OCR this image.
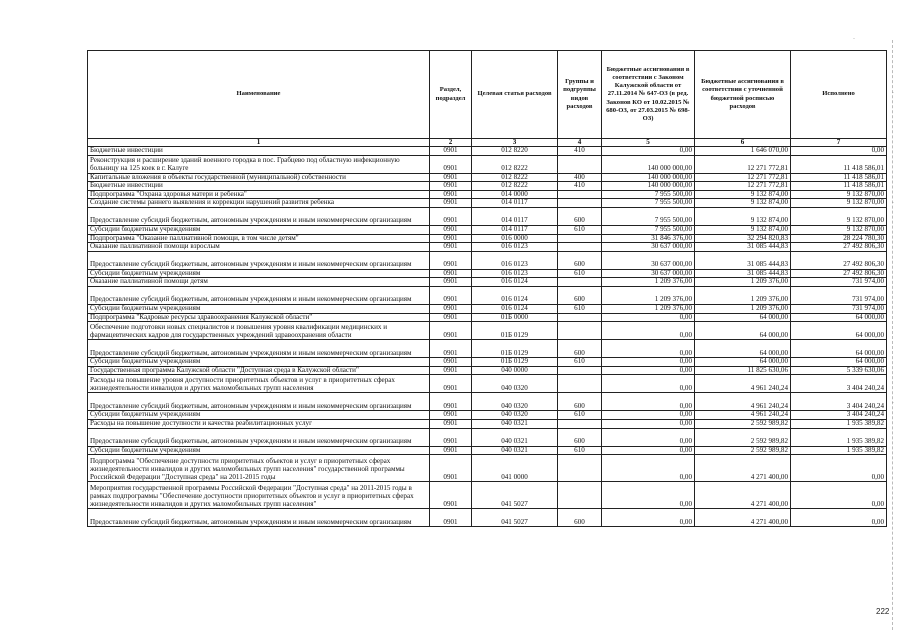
Наименование	Раздел, подраздел	Целевая статья расходов	Группы и подгруппы видов расходов	Бюджетные ассигнования в соответствии с Законом Калужской области от 27.11.2014 № 647-ОЗ (в ред. Законов КО от 10.02.2015 № 680-ОЗ, от 27.03.2015 № 698-ОЗ)	Бюджетные ассигнования в соответствии с уточненной бюджетной росписью расходов	Исполнено
1	2	3	4	5	6	7
Бюджетные инвестиции	0901	012 8220	410	0,00	1 646 070,00	0,00
Реконструкция и расширение зданий военного городка в пос. Грабцево под областную инфекционную больницу на 125 коек в г. Калуге	0901	012 8222		140 000 000,00	12 271 772,81	11 418 586,01
Капитальные вложения в объекты государственной (муниципальной) собственности	0901	012 8222	400	140 000 000,00	12 271 772,81	11 418 586,01
Бюджетные инвестиции	0901	012 8222	410	140 000 000,00	12 271 772,81	11 418 586,01
Подпрограмма "Охрана здоровья матери и ребенка"	0901	014 0000		7 955 500,00	9 132 874,00	9 132 870,00
Создание системы раннего выявления и коррекции нарушений развития ребенка	0901	014 0117		7 955 500,00	9 132 874,00	9 132 870,00
Предоставление субсидий бюджетным, автономным учреждениям и иным некоммерческим организациям	0901	014 0117	600	7 955 500,00	9 132 874,00	9 132 870,00
Субсидии бюджетным учреждениям	0901	014 0117	610	7 955 500,00	9 132 874,00	9 132 870,00
Подпрограмма "Оказание паллиативной помощи, в том числе детям"	0901	016 0000		31 846 376,00	32 294 820,83	28 224 780,30
Оказание паллиативной помощи взрослым	0901	016 0123		30 637 000,00	31 085 444,83	27 492 806,30
Предоставление субсидий бюджетным, автономным учреждениям и иным некоммерческим организациям	0901	016 0123	600	30 637 000,00	31 085 444,83	27 492 806,30
Субсидии бюджетным учреждениям	0901	016 0123	610	30 637 000,00	31 085 444,83	27 492 806,30
Оказание паллиативной помощи детям	0901	016 0124		1 209 376,00	1 209 376,00	731 974,00
Предоставление субсидий бюджетным, автономным учреждениям и иным некоммерческим организациям	0901	016 0124	600	1 209 376,00	1 209 376,00	731 974,00
Субсидии бюджетным учреждениям	0901	016 0124	610	1 209 376,00	1 209 376,00	731 974,00
Подпрограмма "Кадровые ресурсы здравоохранения Калужской области"	0901	01Б 0000		0,00	64 000,00	64 000,00
Обеспечение подготовки новых специалистов и повышения уровня квалификации медицинских и фармацевтических кадров для государственных учреждений здравоохранения области	0901	01Б 0129		0,00	64 000,00	64 000,00
Предоставление субсидий бюджетным, автономным учреждениям и иным некоммерческим организациям	0901	01Б 0129	600	0,00	64 000,00	64 000,00
Субсидии бюджетным учреждениям	0901	01Б 0129	610	0,00	64 000,00	64 000,00
Государственная программа Калужской области "Доступная среда в Калужской области"	0901	040 0000		0,00	11 825 630,06	5 339 630,06
Расходы на повышение уровня доступности приоритетных объектов и услуг в приоритетных сферах жизнедеятельности инвалидов и других маломобильных групп населения	0901	040 0320		0,00	4 961 240,24	3 404 240,24
Предоставление субсидий бюджетным, автономным учреждениям и иным некоммерческим организациям	0901	040 0320	600	0,00	4 961 240,24	3 404 240,24
Субсидии бюджетным учреждениям	0901	040 0320	610	0,00	4 961 240,24	3 404 240,24
Расходы на повышение доступности и качества реабилитационных услуг	0901	040 0321		0,00	2 592 989,82	1 935 389,82
Предоставление субсидий бюджетным, автономным учреждениям и иным некоммерческим организациям	0901	040 0321	600	0,00	2 592 989,82	1 935 389,82
Субсидии бюджетным учреждениям	0901	040 0321	610	0,00	2 592 989,82	1 935 389,82
Подпрограмма "Обеспечение доступности приоритетных объектов и услуг в приоритетных сферах жизнедеятельности инвалидов и других маломобильных групп населения" государственной программы Российской Федерации "Доступная среда" на 2011-2015 годы	0901	041 0000		0,00	4 271 400,00	0,00
Мероприятия государственной программы Российской Федерации "Доступная среда" на 2011-2015 годы в рамках подпрограммы "Обеспечение доступности приоритетных объектов и услуг в приоритетных сферах жизнедеятельности инвалидов и других маломобильных групп населения"	0901	041 5027		0,00	4 271 400,00	0,00
Предоставление субсидий бюджетным, автономным учреждениям и иным некоммерческим организациям	0901	041 5027	600	0,00	4 271 400,00	0,00
·
·
·
·
222
